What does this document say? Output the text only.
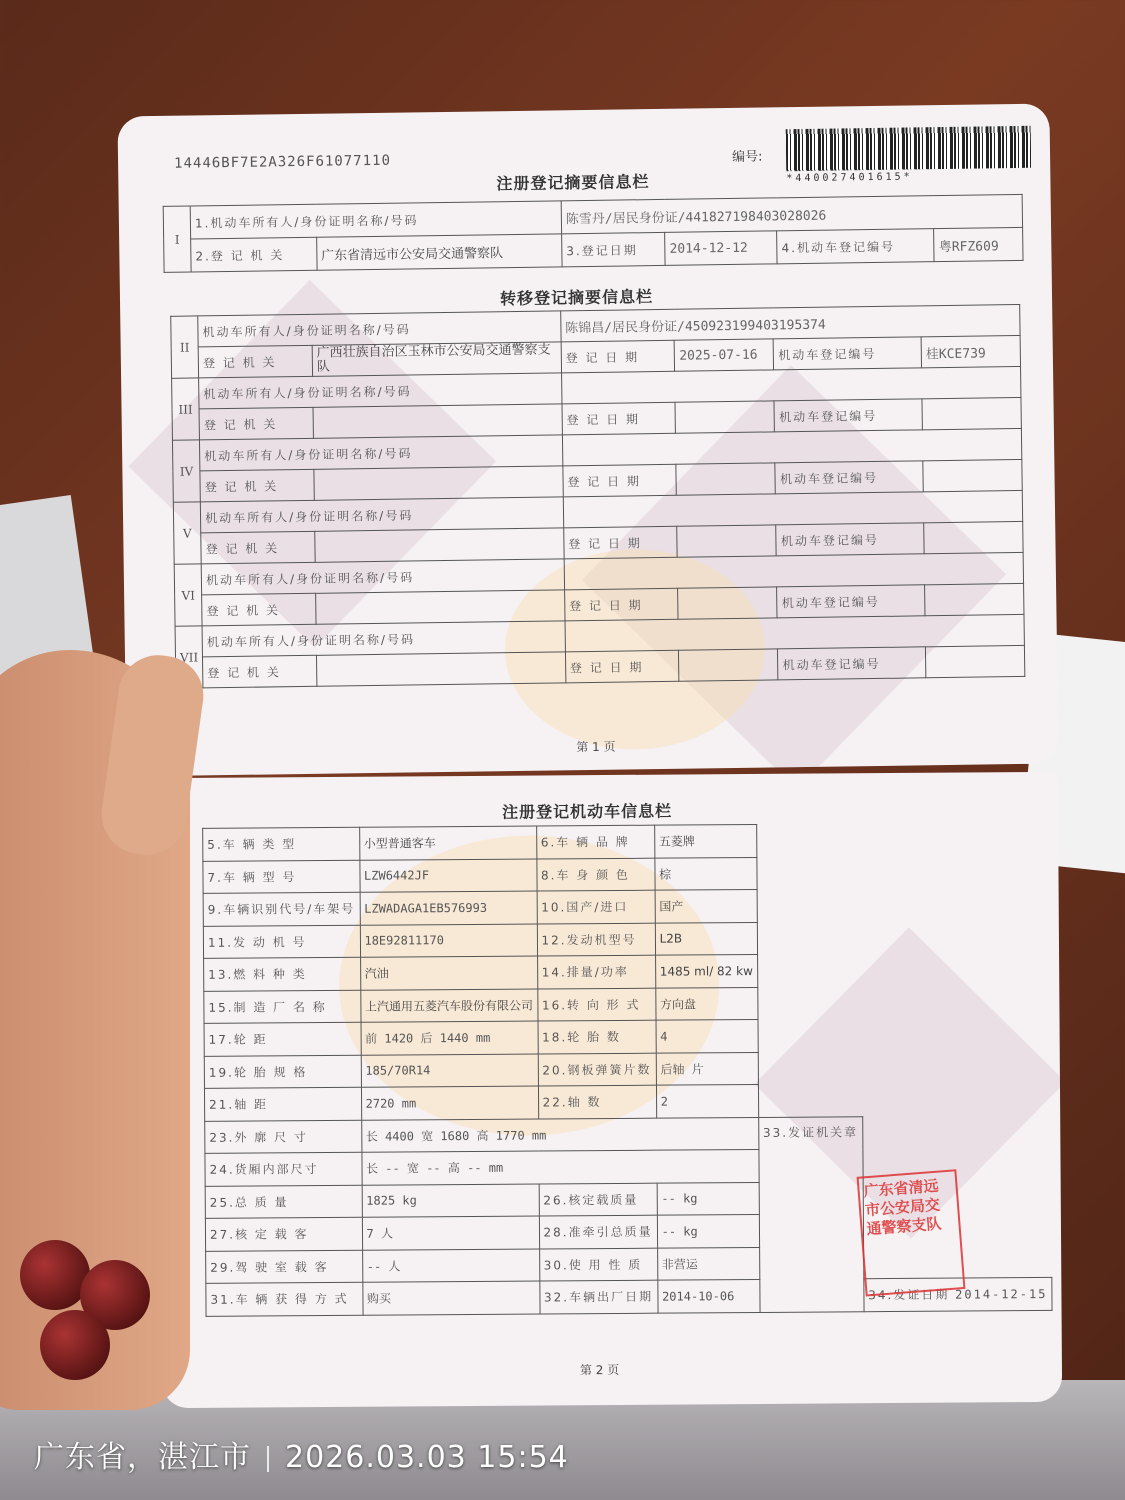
14446BF7E2A326F61077110	编号:
*440027401615*
注册登记摘要信息栏
I	1.机动车所有人/身份证明名称/号码		陈雪丹/居民身份证/441827198403028026			
	2.登 记 机 关	广东省清远市公安局交通警察队	3.登记日期	2014-12-12	4.机动车登记编号	粤RFZ609
转移登记摘要信息栏
II	机动车所有人/身份证明名称/号码		陈锦昌/居民身份证/450923199403195374			
	登 记 机 关	广西壮族自治区玉林市公安局交通警察支队	登 记 日 期	2025-07-16	机动车登记编号	桂KCE739
III	机动车所有人/身份证明名称/号码					
	登 记 机 关		登 记 日 期		机动车登记编号	
IV	机动车所有人/身份证明名称/号码					
	登 记 机 关		登 记 日 期		机动车登记编号	
V	机动车所有人/身份证明名称/号码					
	登 记 机 关		登 记 日 期		机动车登记编号	
VI	机动车所有人/身份证明名称/号码					
	登 记 机 关		登 记 日 期		机动车登记编号	
VII	机动车所有人/身份证明名称/号码					
	登 记 机 关		登 记 日 期		机动车登记编号	
第 1 页
注册登记机动车信息栏
5.车 辆 类 型	小型普通客车	6.车 辆 品 牌	五菱牌		
7.车 辆 型 号	LZW6442JF	8.车 身 颜 色	棕		
9.车辆识别代号/车架号	LZWADAGA1EB576993	10.国产/进口	国产		
11.发 动 机 号	18E92811170	12.发动机型号	L2B		
13.燃 料 种 类	汽油	14.排量/功率	1485 ml/ 82 kw		
15.制 造 厂 名 称	上汽通用五菱汽车股份有限公司	16.转 向 形 式	方向盘		
17.轮 距	前 1420 后 1440 mm	18.轮 胎 数	4		
19.轮 胎 规 格	185/70R14	20.钢板弹簧片数	后轴 片		
21.轴 距	2720 mm	22.轴 数	2		
23.外 廓 尺 寸	长 4400 宽 1680 高 1770 mm			33.发证机关章	
24.货厢内部尺寸	长 -- 宽 -- 高 -- mm				
25.总 质 量	1825 kg	26.核定载质量	-- kg		
27.核 定 载 客	7 人	28.准牵引总质量	-- kg		
29.驾 驶 室 载 客	-- 人	30.使 用 性 质	非营运		
31.车 辆 获 得 方 式	购买	32.车辆出厂日期	2014-10-06		34.发证日期 2014-12-15
广东省清远市公安局交通警察支队
第 2 页
广东省，湛江市 2026.03.03 15:54
